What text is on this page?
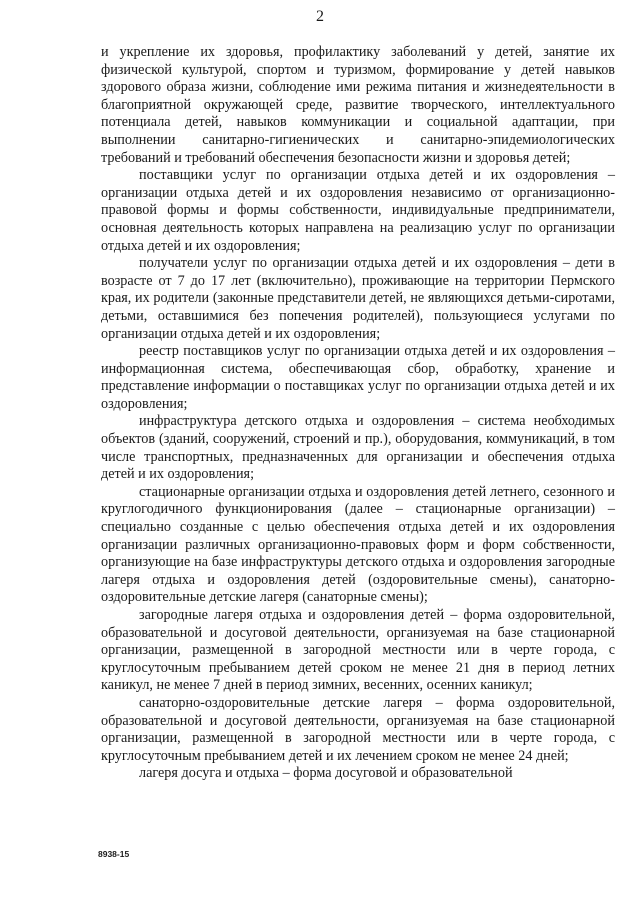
2

и укрепление их здоровья, профилактику заболеваний у детей, занятие их физической культурой, спортом и туризмом, формирование у детей навыков здорового образа жизни, соблюдение ими режима питания и жизнедеятельности в благоприятной окружающей среде, развитие творческого, интеллектуального потенциала детей, навыков коммуникации и социальной адаптации, при выполнении санитарно-гигиенических и санитарно-эпидемиологических требований и требований обеспечения безопасности жизни и здоровья детей;

поставщики услуг по организации отдыха детей и их оздоровления – организации отдыха детей и их оздоровления независимо от организационно-правовой формы и формы собственности, индивидуальные предприниматели, основная деятельность которых направлена на реализацию услуг по организации отдыха детей и их оздоровления;

получатели услуг по организации отдыха детей и их оздоровления – дети в возрасте от 7 до 17 лет (включительно), проживающие на территории Пермского края, их родители (законные представители детей, не являющихся детьми-сиротами, детьми, оставшимися без попечения родителей), пользующиеся услугами по организации отдыха детей и их оздоровления;

реестр поставщиков услуг по организации отдыха детей и их оздоровления – информационная система, обеспечивающая сбор, обработку, хранение и представление информации о поставщиках услуг по организации отдыха детей и их оздоровления;

инфраструктура детского отдыха и оздоровления – система необходимых объектов (зданий, сооружений, строений и пр.), оборудования, коммуникаций, в том числе транспортных, предназначенных для организации и обеспечения отдыха детей и их оздоровления;

стационарные организации отдыха и оздоровления детей летнего, сезонного и круглогодичного функционирования (далее – стационарные организации) – специально созданные с целью обеспечения отдыха детей и их оздоровления организации различных организационно-правовых форм и форм собственности, организующие на базе инфраструктуры детского отдыха и оздоровления загородные лагеря отдыха и оздоровления детей (оздоровительные смены), санаторно-оздоровительные детские лагеря (санаторные смены);

загородные лагеря отдыха и оздоровления детей – форма оздоровительной, образовательной и досуговой деятельности, организуемая на базе стационарной организации, размещенной в загородной местности или в черте города, с круглосуточным пребыванием детей сроком не менее 21 дня в период летних каникул, не менее 7 дней в период зимних, весенних, осенних каникул;

санаторно-оздоровительные детские лагеря – форма оздоровительной, образовательной и досуговой деятельности, организуемая на базе стационарной организации, размещенной в загородной местности или в черте города, с круглосуточным пребыванием детей и их лечением сроком не менее 24 дней;

лагеря досуга и отдыха – форма досуговой и образовательной

8938-15
